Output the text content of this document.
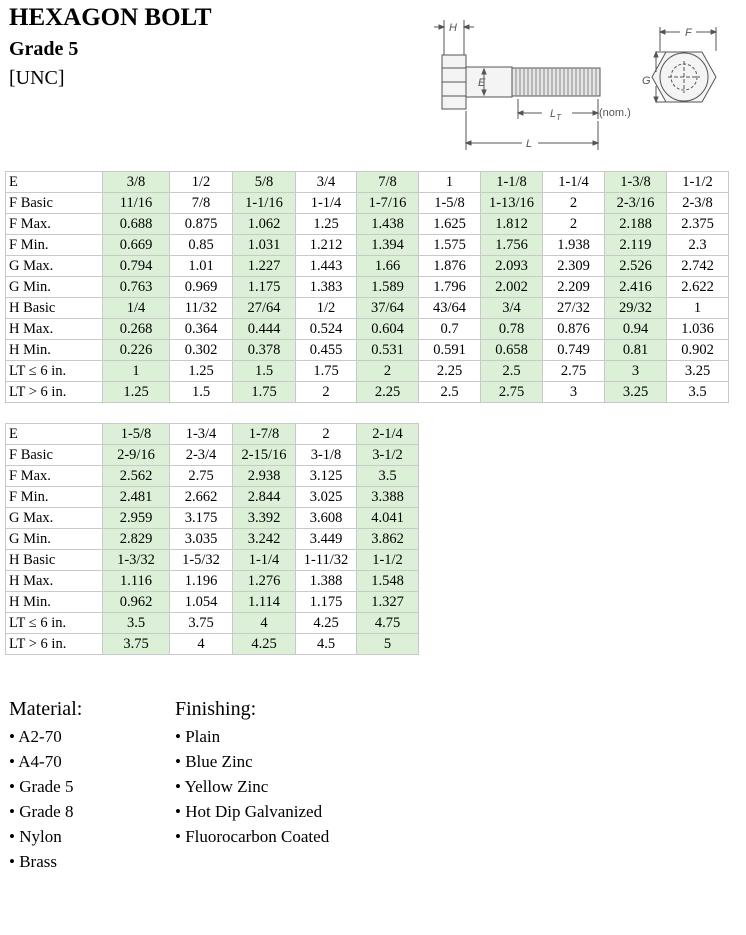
HEXAGON BOLT
Grade 5
[UNC]
H
E
$L_T$	(nom.)
L
F
G
E	3/8	1/2	5/8	3/4	7/8	1	1-1/8	1-1/4	1-3/8	1-1/2
F Basic	11/16	7/8	1-1/16	1-1/4	1-7/16	1-5/8	1-13/16	2	2-3/16	2-3/8
F Max.	0.688	0.875	1.062	1.25	1.438	1.625	1.812	2	2.188	2.375
F Min.	0.669	0.85	1.031	1.212	1.394	1.575	1.756	1.938	2.119	2.3
G Max.	0.794	1.01	1.227	1.443	1.66	1.876	2.093	2.309	2.526	2.742
G Min.	0.763	0.969	1.175	1.383	1.589	1.796	2.002	2.209	2.416	2.622
H Basic	1/4	11/32	27/64	1/2	37/64	43/64	3/4	27/32	29/32	1
H Max.	0.268	0.364	0.444	0.524	0.604	0.7	0.78	0.876	0.94	1.036
H Min.	0.226	0.302	0.378	0.455	0.531	0.591	0.658	0.749	0.81	0.902
LT ≤ 6 in.	1	1.25	1.5	1.75	2	2.25	2.5	2.75	3	3.25
LT > 6 in.	1.25	1.5	1.75	2	2.25	2.5	2.75	3	3.25	3.5
E	1-5/8	1-3/4	1-7/8	2	2-1/4
F Basic	2-9/16	2-3/4	2-15/16	3-1/8	3-1/2
F Max.	2.562	2.75	2.938	3.125	3.5
F Min.	2.481	2.662	2.844	3.025	3.388
G Max.	2.959	3.175	3.392	3.608	4.041
G Min.	2.829	3.035	3.242	3.449	3.862
H Basic	1-3/32	1-5/32	1-1/4	1-11/32	1-1/2
H Max.	1.116	1.196	1.276	1.388	1.548
H Min.	0.962	1.054	1.114	1.175	1.327
LT ≤ 6 in.	3.5	3.75	4	4.25	4.75
LT > 6 in.	3.75	4	4.25	4.5	5
Material:
• A2-70
• A4-70
• Grade 5
• Grade 8
• Nylon
• Brass
Finishing:
• Plain
• Blue Zinc
• Yellow Zinc
• Hot Dip Galvanized
• Fluorocarbon Coated
